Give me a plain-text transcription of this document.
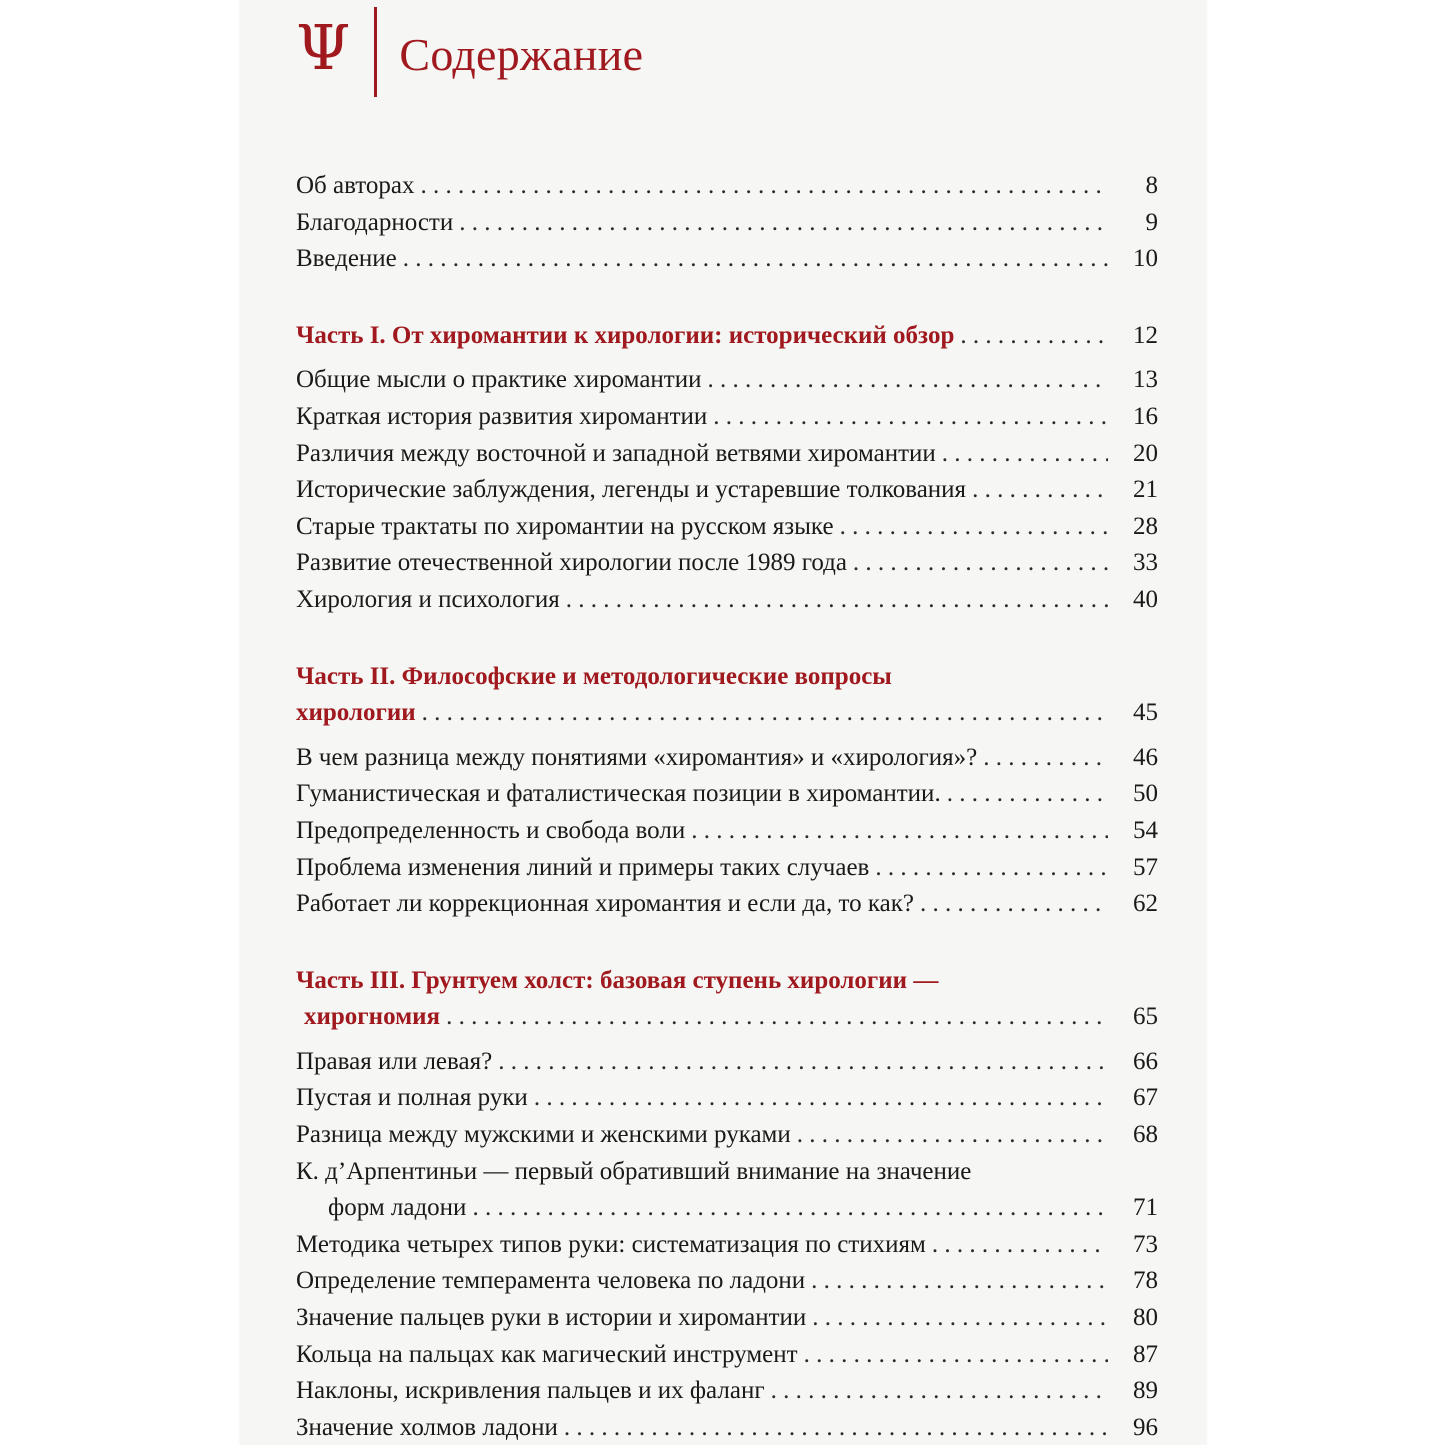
Ψ Содержание
Об авторах . . .	8
Благодарности . . .	9
Введение . . .	10
Часть I. От хиромантии к хирологии: исторический обзор . . .	12
Общие мысли о практике хиромантии . . .	13
Краткая история развития хиромантии . . .	16
Различия между восточной и западной ветвями хиромантии . . .	20
Исторические заблуждения, легенды и устаревшие толкования . . .	21
Старые трактаты по хиромантии на русском языке . . .	28
Развитие отечественной хирологии после 1989 года . . .	33
Хирология и психология . . .	40
Часть II. Философские и методологические вопросы
хирологии . . .	45
В чем разница между понятиями «хиромантия» и «хирология»? . . .	46
Гуманистическая и фаталистическая позиции в хиромантии. . . .	50
Предопределенность и свобода воли . . .	54
Проблема изменения линий и примеры таких случаев . . .	57
Работает ли коррекционная хиромантия и если да, то как? . . .	62
Часть III. Грунтуем холст: базовая ступень хирологии —
хирогномия . . .	65
Правая или левая? . . .	66
Пустая и полная руки . . .	67
Разница между мужскими и женскими руками . . .	68
К. д’Арпентиньи — первый обративший внимание на значение
форм ладони . . .	71
Методика четырех типов руки: систематизация по стихиям . . .	73
Определение темперамента человека по ладони . . .	78
Значение пальцев руки в истории и хиромантии . . .	80
Кольца на пальцах как магический инструмент . . .	87
Наклоны, искривления пальцев и их фаланг . . .	89
Значение холмов ладони . . .	96
